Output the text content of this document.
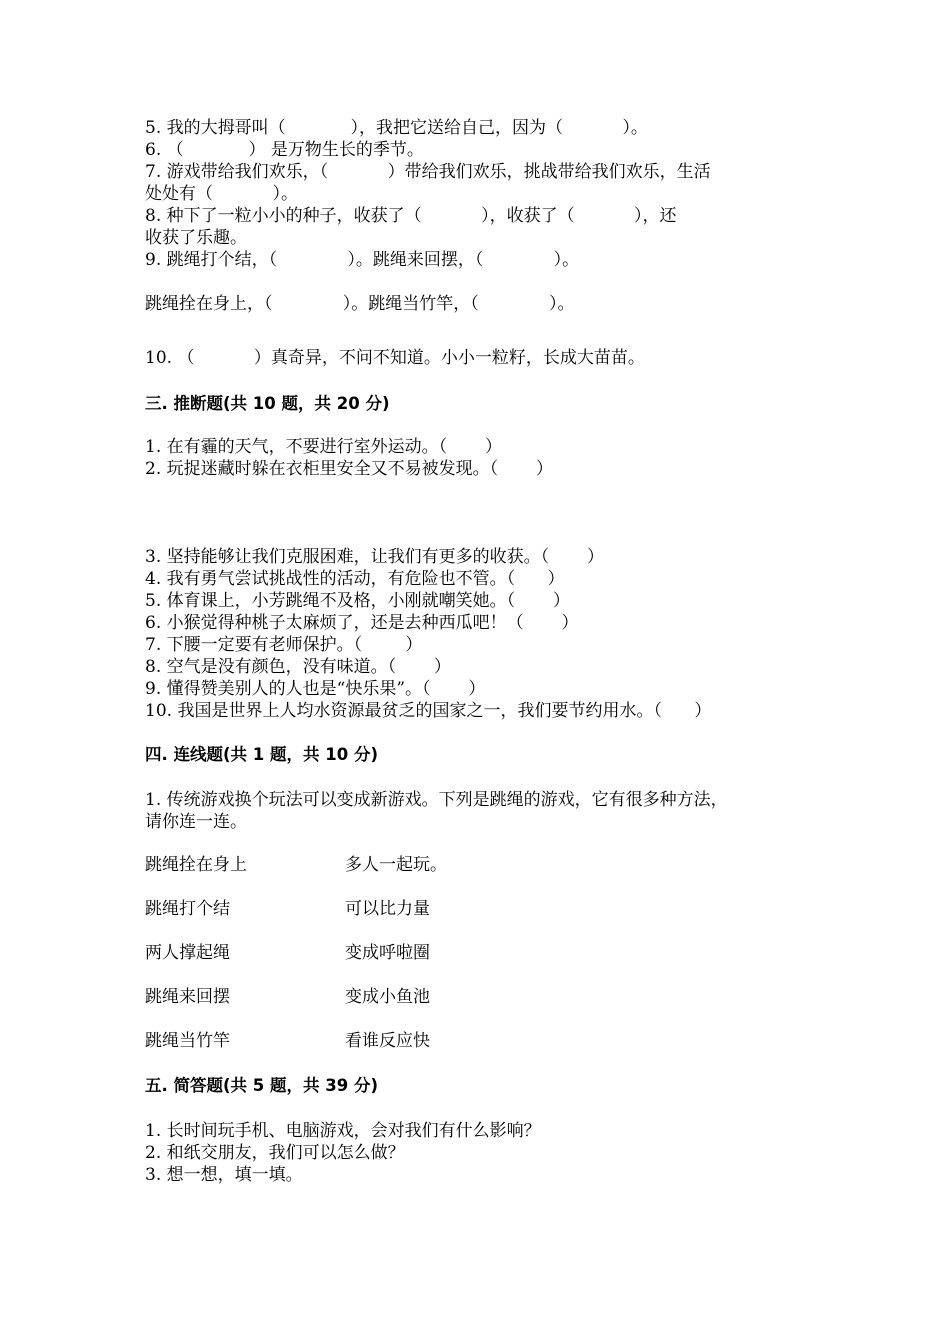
5. 我的大拇哥叫（            ），我把它送给自己，因为（           ）。
6. （            ） 是万物生长的季节。
7. 游戏带给我们欢乐，（           ）带给我们欢乐，挑战带给我们欢乐，生活
处处有（           ）。
8. 种下了一粒小小的种子，收获了（           ），收获了（           ），还
收获了乐趣。
9. 跳绳打个结，（             ）。跳绳来回摆，（             ）。
跳绳拴在身上，（             ）。跳绳当竹竿，（             ）。
10. （           ）真奇异，不问不知道。小小一粒籽，长成大苗苗。
三. 推断题(共 10 题，共 20 分)
1. 在有霾的天气，不要进行室外运动。（       ）
2. 玩捉迷藏时躲在衣柜里安全又不易被发现。（       ）
3. 坚持能够让我们克服困难，让我们有更多的收获。（       ）
4. 我有勇气尝试挑战性的活动，有危险也不管。（      ）
5. 体育课上，小芳跳绳不及格，小刚就嘲笑她。（       ）
6. 小猴觉得种桃子太麻烦了，还是去种西瓜吧！（       ）
7. 下腰一定要有老师保护。（        ）
8. 空气是没有颜色，没有味道。（       ）
9. 懂得赞美别人的人也是“快乐果”。（       ）
10. 我国是世界上人均水资源最贫乏的国家之一，我们要节约用水。（      ）
四. 连线题(共 1 题，共 10 分)
1. 传统游戏换个玩法可以变成新游戏。下列是跳绳的游戏，它有很多种方法，
请你连一连。
跳绳拴在身上	多人一起玩。
跳绳打个结	可以比力量
两人撑起绳	变成呼啦圈
跳绳来回摆	变成小鱼池
跳绳当竹竿	看谁反应快
五. 简答题(共 5 题，共 39 分)
1. 长时间玩手机、电脑游戏，会对我们有什么影响？
2. 和纸交朋友，我们可以怎么做？
3. 想一想，填一填。
